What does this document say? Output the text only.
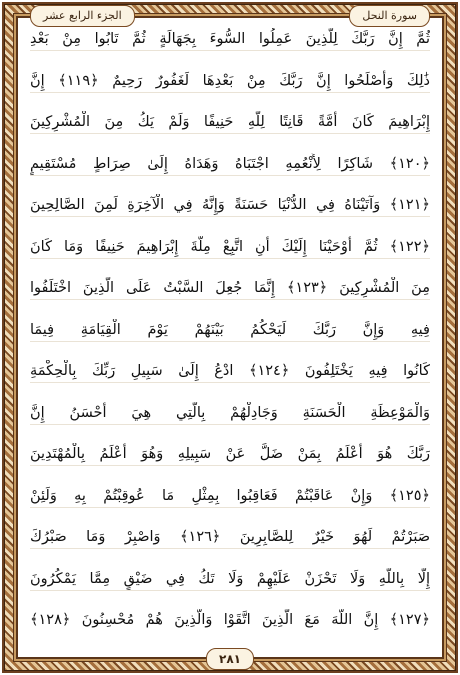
الجزء الرابع عشر	سورة النحل
ثُمَّ إِنَّ رَبَّكَ لِلَّذِينَ عَمِلُوا السُّوءَ بِجَهَالَةٍ ثُمَّ تَابُوا مِنْ بَعْدِ
ذَٰلِكَ وَأَصْلَحُوا إِنَّ رَبَّكَ مِنْ بَعْدِهَا لَغَفُورٌ رَحِيمٌ ﴿١١٩﴾ إِنَّ
إِبْرَاهِيمَ كَانَ أُمَّةً قَانِتًا لِلَّهِ حَنِيفًا وَلَمْ يَكُ مِنَ الْمُشْرِكِينَ
﴿١٢٠﴾ شَاكِرًا لِأَنْعُمِهِ اجْتَبَاهُ وَهَدَاهُ إِلَىٰ صِرَاطٍ مُسْتَقِيمٍ
﴿١٢١﴾ وَآتَيْنَاهُ فِي الدُّنْيَا حَسَنَةً وَإِنَّهُ فِي الْآخِرَةِ لَمِنَ الصَّالِحِينَ
﴿١٢٢﴾ ثُمَّ أَوْحَيْنَا إِلَيْكَ أَنِ اتَّبِعْ مِلَّةَ إِبْرَاهِيمَ حَنِيفًا وَمَا كَانَ
مِنَ الْمُشْرِكِينَ ﴿١٢٣﴾ إِنَّمَا جُعِلَ السَّبْتُ عَلَى الَّذِينَ اخْتَلَفُوا
فِيهِ وَإِنَّ رَبَّكَ لَيَحْكُمُ بَيْنَهُمْ يَوْمَ الْقِيَامَةِ فِيمَا
كَانُوا فِيهِ يَخْتَلِفُونَ ﴿١٢٤﴾ ادْعُ إِلَىٰ سَبِيلِ رَبِّكَ بِالْحِكْمَةِ
وَالْمَوْعِظَةِ الْحَسَنَةِ وَجَادِلْهُمْ بِالَّتِي هِيَ أَحْسَنُ إِنَّ
رَبَّكَ هُوَ أَعْلَمُ بِمَنْ ضَلَّ عَنْ سَبِيلِهِ وَهُوَ أَعْلَمُ بِالْمُهْتَدِينَ
﴿١٢٥﴾ وَإِنْ عَاقَبْتُمْ فَعَاقِبُوا بِمِثْلِ مَا عُوقِبْتُمْ بِهِ وَلَئِنْ
صَبَرْتُمْ لَهُوَ خَيْرٌ لِلصَّابِرِينَ ﴿١٢٦﴾ وَاصْبِرْ وَمَا صَبْرُكَ
إِلَّا بِاللَّهِ وَلَا تَحْزَنْ عَلَيْهِمْ وَلَا تَكُ فِي ضَيْقٍ مِمَّا يَمْكُرُونَ
﴿١٢٧﴾ إِنَّ اللَّهَ مَعَ الَّذِينَ اتَّقَوْا وَالَّذِينَ هُمْ مُحْسِنُونَ ﴿١٢٨﴾
٢٨١
